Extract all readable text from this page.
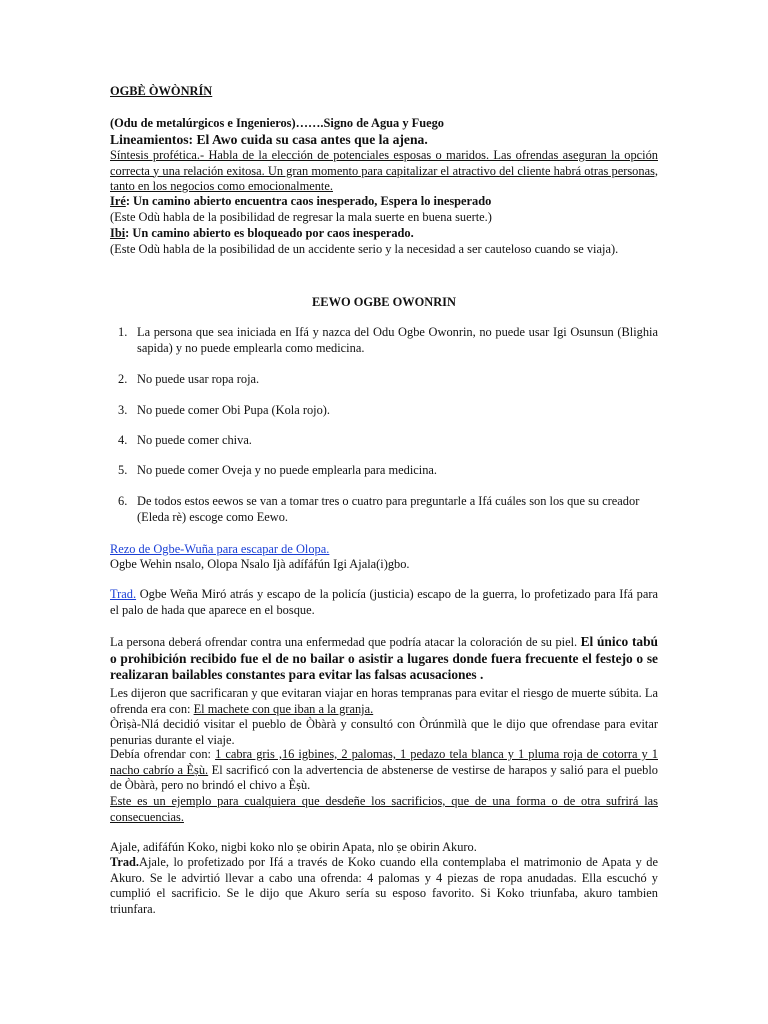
OGBÈ ÒWÒNRÍN
(Odu de metalúrgicos e Ingenieros)…….Signo de Agua y Fuego
Lineamientos: El Awo cuida su casa antes que la ajena.
Síntesis profética.- Habla de la elección de potenciales esposas o maridos. Las ofrendas aseguran la opción correcta y una relación exitosa. Un gran momento para capitalizar el atractivo del cliente habrá otras personas, tanto en los negocios como emocionalmente.
Iré: Un camino abierto encuentra caos inesperado, Espera lo inesperado
(Este Odù habla de la posibilidad de regresar la mala suerte en buena suerte.)
Ibi: Un camino abierto es bloqueado por caos inesperado.
(Este Odù habla de la posibilidad de un accidente serio y la necesidad a ser cauteloso cuando se viaja).
EEWO OGBE OWONRIN
1. La persona que sea iniciada en Ifá y nazca del Odu Ogbe Owonrin, no puede usar Igi Osunsun (Blighia sapida) y no puede emplearla como medicina.
2. No puede usar ropa roja.
3. No puede comer Obi Pupa (Kola rojo).
4. No puede comer chiva.
5. No puede comer Oveja y no puede emplearla para medicina.
6. De todos estos eewos se van a tomar tres o cuatro para preguntarle a Ifá cuáles son los que su creador (Eleda rè) escoge como Eewo.
Rezo de Ogbe-Wuña para escapar de Olopa.
Ogbe Wehin nsalo, Olopa Nsalo Ijà adífáfún Igi Ajala(i)gbo.
Trad. Ogbe Weña Miró atrás y escapo de la policía (justicia) escapo de la guerra, lo profetizado para Ifá para el palo de hada que aparece en el bosque.
La persona deberá ofrendar contra una enfermedad que podría atacar la coloración de su piel. El único tabú o prohibición recibido fue el de no bailar o asistir a lugares donde fuera frecuente el festejo o se realizaran bailables constantes para evitar las falsas acusaciones .
Les dijeron que sacrificaran y que evitaran viajar en horas tempranas para evitar el riesgo de muerte súbita. La ofrenda era con: El machete con que iban a la granja.
Òrìṣà-Nlá decidió visitar el pueblo de Òbàrà y consultó con Òrúnmìlà que le dijo que ofrendase para evitar penurias durante el viaje.
Debía ofrendar con: 1 cabra gris ,16 igbines, 2 palomas, 1 pedazo tela blanca y 1 pluma roja de cotorra y 1 nacho cabrío a Èṣù. El sacrificó con la advertencia de abstenerse de vestirse de harapos y salió para el pueblo de Òbàrà, pero no brindó el chivo a Èṣù.
Este es un ejemplo para cualquiera que desdeñe los sacrificios, que de una forma o de otra sufrirá las consecuencias.
Ajale, adifáfún Koko, nigbi koko nlo ṣe obirin Apata, nlo ṣe obirin Akuro.
Trad.Ajale, lo profetizado por Ifá a través de Koko cuando ella contemplaba el matrimonio de Apata y de Akuro. Se le advirtió llevar a cabo una ofrenda: 4 palomas y 4 piezas de ropa anudadas. Ella escuchó y cumplió el sacrificio. Se le dijo que Akuro sería su esposo favorito. Si Koko triunfaba, akuro tambien triunfara.
